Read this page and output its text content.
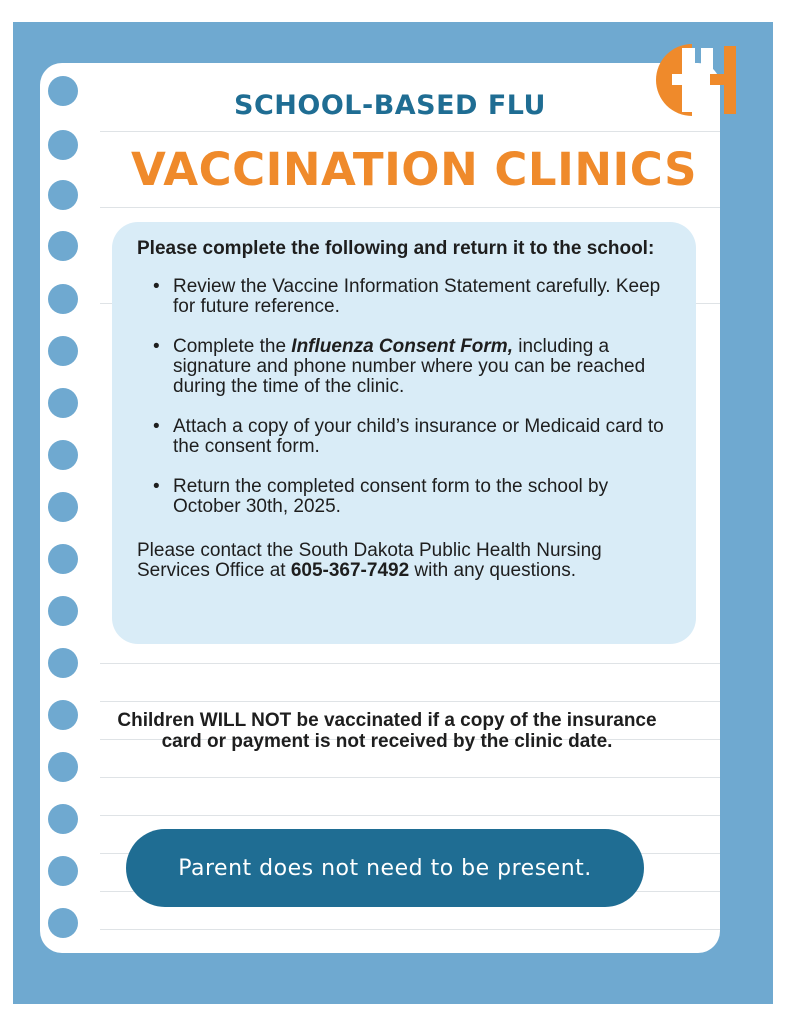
SCHOOL-BASED FLU
VACCINATION CLINICS

Please complete the following and return it to the school:

• Review the Vaccine Information Statement carefully. Keep for future reference.
• Complete the Influenza Consent Form, including a signature and phone number where you can be reached during the time of the clinic.
• Attach a copy of your child’s insurance or Medicaid card to the consent form.
• Return the completed consent form to the school by October 30th, 2025.
Please contact the South Dakota Public Health Nursing Services Office at 605-367-7492 with any questions.
Children WILL NOT be vaccinated if a copy of the insurance card or payment is not received by the clinic date.
Parent does not need to be present.
